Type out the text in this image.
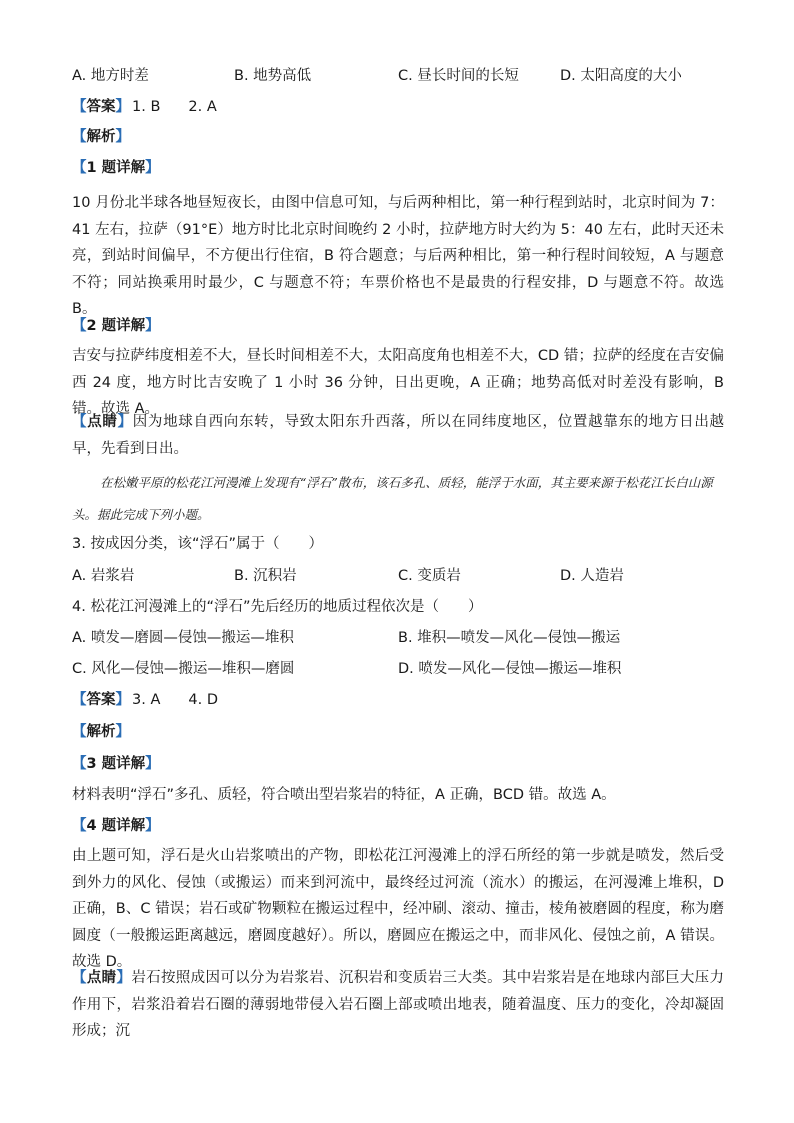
A. 地方时差	B. 地势高低	C. 昼长时间的长短	D. 太阳高度的大小
【答案】 1. B 2. A
【解析】
【1 题详解】
10 月份北半球各地昼短夜长，由图中信息可知，与后两种相比，第一种行程到站时，北京时间为 7：41 左右，拉萨（91°E）地方时比北京时间晚约 2 小时，拉萨地方时大约为 5：40 左右，此时天还未亮，到站时间偏早，不方便出行住宿，B 符合题意；与后两种相比，第一种行程时间较短，A 与题意不符；同站换乘用时最少，C 与题意不符；车票价格也不是最贵的行程安排，D 与题意不符。故选 B。
【2 题详解】
吉安与拉萨纬度相差不大，昼长时间相差不大，太阳高度角也相差不大，CD 错；拉萨的经度在吉安偏西 24 度，地方时比吉安晚了 1 小时 36 分钟，日出更晚，A 正确；地势高低对时差没有影响，B 错。故选 A。
【点睛】因为地球自西向东转，导致太阳东升西落，所以在同纬度地区，位置越靠东的地方日出越早，先看到日出。
在松嫩平原的松花江河漫滩上发现有“浮石”散布，该石多孔、质轻，能浮于水面，其主要来源于松花江长白山源头。据此完成下列小题。
3. 按成因分类，该“浮石”属于（　　）
A. 岩浆岩	B. 沉积岩	C. 变质岩	D. 人造岩
4. 松花江河漫滩上的“浮石”先后经历的地质过程依次是（　　）
A. 喷发—磨圆—侵蚀—搬运—堆积	B. 堆积—喷发—风化—侵蚀—搬运
C. 风化—侵蚀—搬运—堆积—磨圆	D. 喷发—风化—侵蚀—搬运—堆积
【答案】 3. A 4. D
【解析】
【3 题详解】
材料表明“浮石”多孔、质轻，符合喷出型岩浆岩的特征，A 正确，BCD 错。故选 A。
【4 题详解】
由上题可知，浮石是火山岩浆喷出的产物，即松花江河漫滩上的浮石所经的第一步就是喷发，然后受到外力的风化、侵蚀（或搬运）而来到河流中，最终经过河流（流水）的搬运，在河漫滩上堆积，D 正确，B、C 错误；岩石或矿物颗粒在搬运过程中，经冲刷、滚动、撞击，棱角被磨圆的程度，称为磨圆度（一般搬运距离越远，磨圆度越好）。所以，磨圆应在搬运之中，而非风化、侵蚀之前，A 错误。故选 D。
【点睛】岩石按照成因可以分为岩浆岩、沉积岩和变质岩三大类。其中岩浆岩是在地球内部巨大压力作用下，岩浆沿着岩石圈的薄弱地带侵入岩石圈上部或喷出地表，随着温度、压力的变化，冷却凝固形成；沉
